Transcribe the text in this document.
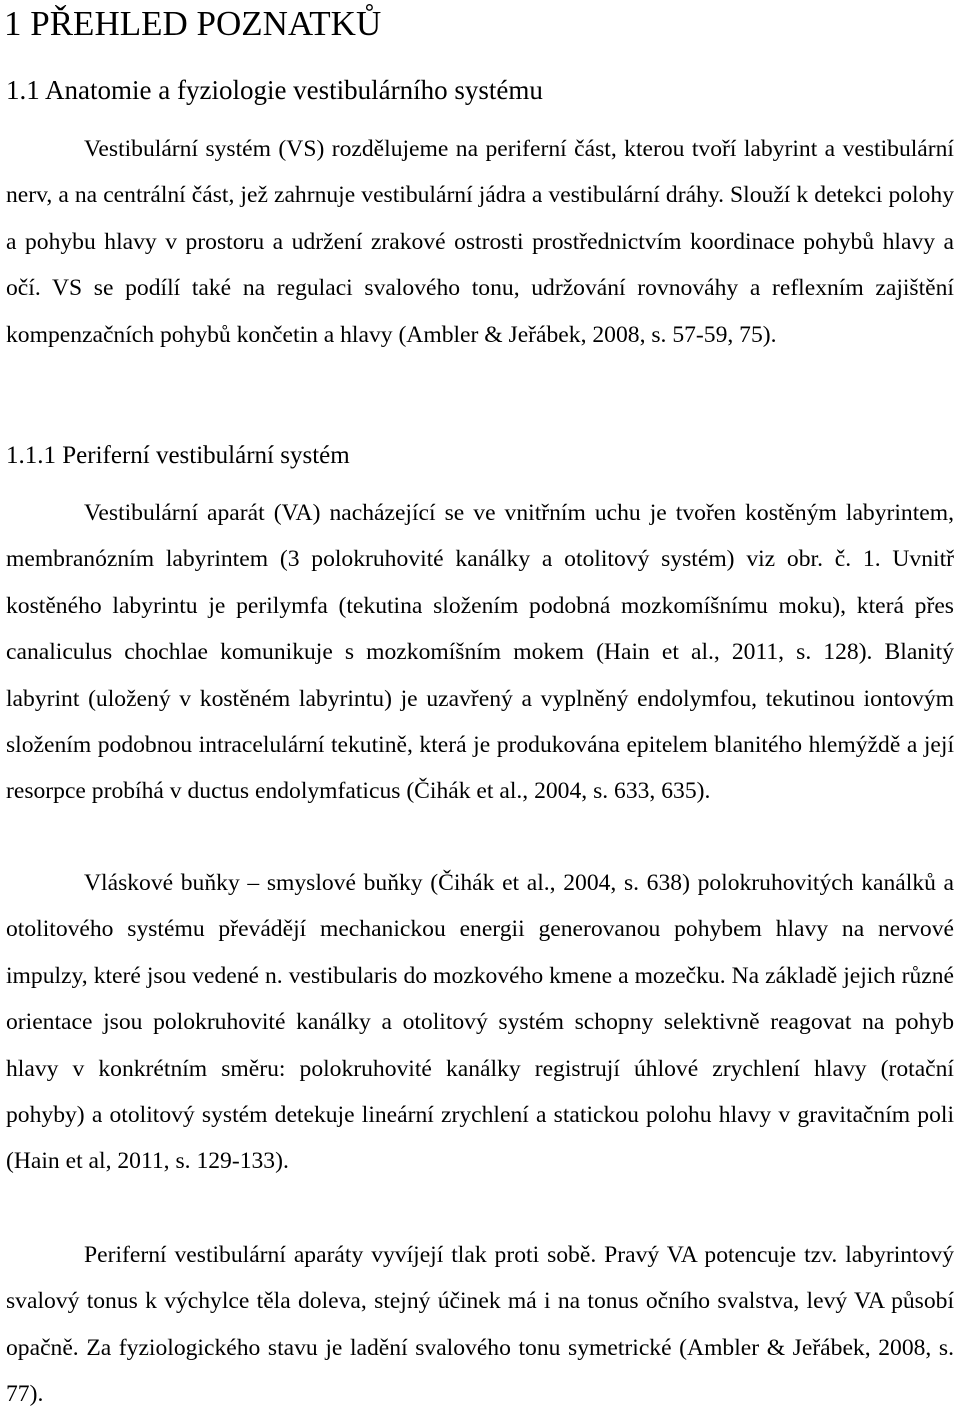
1 PŘEHLED POZNATKŮ
1.1 Anatomie a fyziologie vestibulárního systému

Vestibulární systém (VS) rozdělujeme na periferní část, kterou tvoří labyrint a vestibulární nerv, a na centrální část, jež zahrnuje vestibulární jádra a vestibulární dráhy. Slouží k detekci polohy a pohybu hlavy v prostoru a udržení zrakové ostrosti prostřednictvím koordinace pohybů hlavy a očí. VS se podílí také na regulaci svalového tonu, udržování rovnováhy a reflexním zajištění kompenzačních pohybů končetin a hlavy (Ambler & Jeřábek, 2008, s. 57-59, 75).

1.1.1 Periferní vestibulární systém

Vestibulární aparát (VA) nacházející se ve vnitřním uchu je tvořen kostěným labyrintem, membranózním labyrintem (3 polokruhovité kanálky a otolitový systém) viz obr. č. 1. Uvnitř kostěného labyrintu je perilymfa (tekutina složením podobná mozkomíšnímu moku), která přes canaliculus chochlae komunikuje s mozkomíšním mokem (Hain et al., 2011, s. 128). Blanitý labyrint (uložený v kostěném labyrintu) je uzavřený a vyplněný endolymfou, tekutinou iontovým složením podobnou intracelulární tekutině, která je produkována epitelem blanitého hlemýždě a její resorpce probíhá v ductus endolymfaticus (Čihák et al., 2004, s. 633, 635).

Vláskové buňky – smyslové buňky (Čihák et al., 2004, s. 638) polokruhovitých kanálků a otolitového systému převádějí mechanickou energii generovanou pohybem hlavy na nervové impulzy, které jsou vedené n. vestibularis do mozkového kmene a mozečku. Na základě jejich různé orientace jsou polokruhovité kanálky a otolitový systém schopny selektivně reagovat na pohyb hlavy v konkrétním směru: polokruhovité kanálky registrují úhlové zrychlení hlavy (rotační pohyby) a otolitový systém detekuje lineární zrychlení a statickou polohu hlavy v gravitačním poli (Hain et al, 2011, s. 129-133).

Periferní vestibulární aparáty vyvíjejí tlak proti sobě. Pravý VA potencuje tzv. labyrintový svalový tonus k výchylce těla doleva, stejný účinek má i na tonus očního svalstva, levý VA působí opačně. Za fyziologického stavu je ladění svalového tonu symetrické (Ambler & Jeřábek, 2008, s. 77).
